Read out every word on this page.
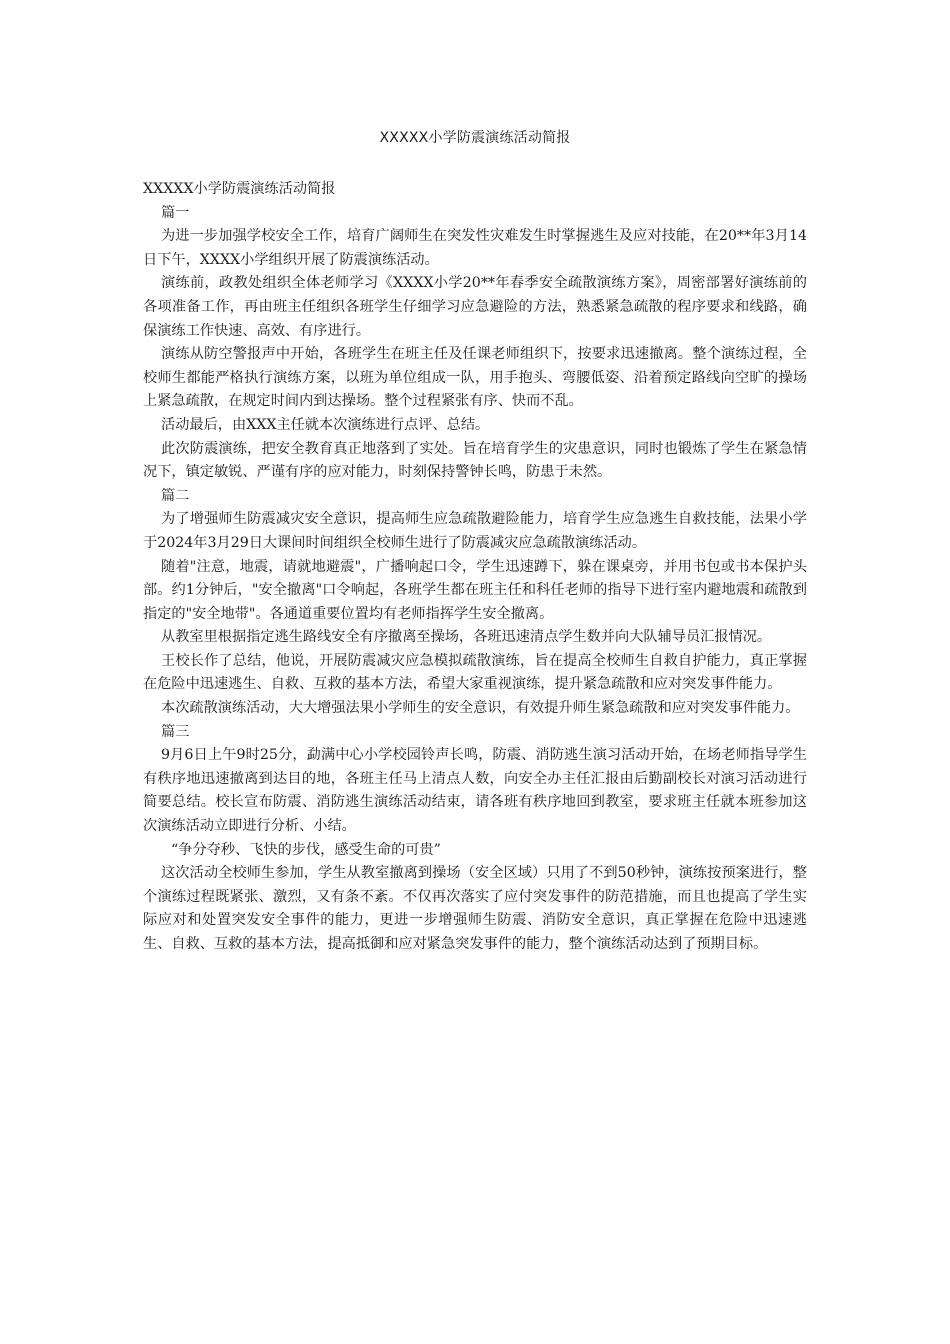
XXXXX小学防震演练活动简报

XXXXX小学防震演练活动简报

篇一

为进一步加强学校安全工作，培育广阔师生在突发性灾难发生时掌握逃生及应对技能，在20**年3月14日下午，XXXX小学组织开展了防震演练活动。

演练前，政教处组织全体老师学习《XXXX小学20**年春季安全疏散演练方案》，周密部署好演练前的各项准备工作，再由班主任组织各班学生仔细学习应急避险的方法，熟悉紧急疏散的程序要求和线路，确保演练工作快速、高效、有序进行。

演练从防空警报声中开始，各班学生在班主任及任课老师组织下，按要求迅速撤离。整个演练过程，全校师生都能严格执行演练方案，以班为单位组成一队，用手抱头、弯腰低姿、沿着预定路线向空旷的操场上紧急疏散，在规定时间内到达操场。整个过程紧张有序、快而不乱。

活动最后，由XXX主任就本次演练进行点评、总结。

此次防震演练，把安全教育真正地落到了实处。旨在培育学生的灾患意识，同时也锻炼了学生在紧急情况下，镇定敏锐、严谨有序的应对能力，时刻保持警钟长鸣，防患于未然。

篇二

为了增强师生防震减灾安全意识，提高师生应急疏散避险能力，培育学生应急逃生自救技能，法果小学于2024年3月29日大课间时间组织全校师生进行了防震减灾应急疏散演练活动。

随着"注意，地震，请就地避震"，广播响起口令，学生迅速蹲下，躲在课桌旁，并用书包或书本保护头部。约1分钟后，"安全撤离"口令响起，各班学生都在班主任和科任老师的指导下进行室内避地震和疏散到指定的"安全地带"。各通道重要位置均有老师指挥学生安全撤离。

从教室里根据指定逃生路线安全有序撤离至操场，各班迅速清点学生数并向大队辅导员汇报情况。

王校长作了总结，他说，开展防震减灾应急模拟疏散演练，旨在提高全校师生自救自护能力，真正掌握在危险中迅速逃生、自救、互救的基本方法，希望大家重视演练，提升紧急疏散和应对突发事件能力。

本次疏散演练活动，大大增强法果小学师生的安全意识，有效提升师生紧急疏散和应对突发事件能力。

篇三

9月6日上午9时25分，勐满中心小学校园铃声长鸣，防震、消防逃生演习活动开始，在场老师指导学生有秩序地迅速撤离到达目的地，各班主任马上清点人数，向安全办主任汇报由后勤副校长对演习活动进行简要总结。校长宣布防震、消防逃生演练活动结束，请各班有秩序地回到教室，要求班主任就本班参加这次演练活动立即进行分析、小结。

“争分夺秒、飞快的步伐，感受生命的可贵”

这次活动全校师生参加，学生从教室撤离到操场（安全区域）只用了不到50秒钟，演练按预案进行，整个演练过程既紧张、激烈，又有条不紊。不仅再次落实了应付突发事件的防范措施，而且也提高了学生实际应对和处置突发安全事件的能力，更进一步增强师生防震、消防安全意识，真正掌握在危险中迅速逃生、自救、互救的基本方法，提高抵御和应对紧急突发事件的能力，整个演练活动达到了预期目标。
